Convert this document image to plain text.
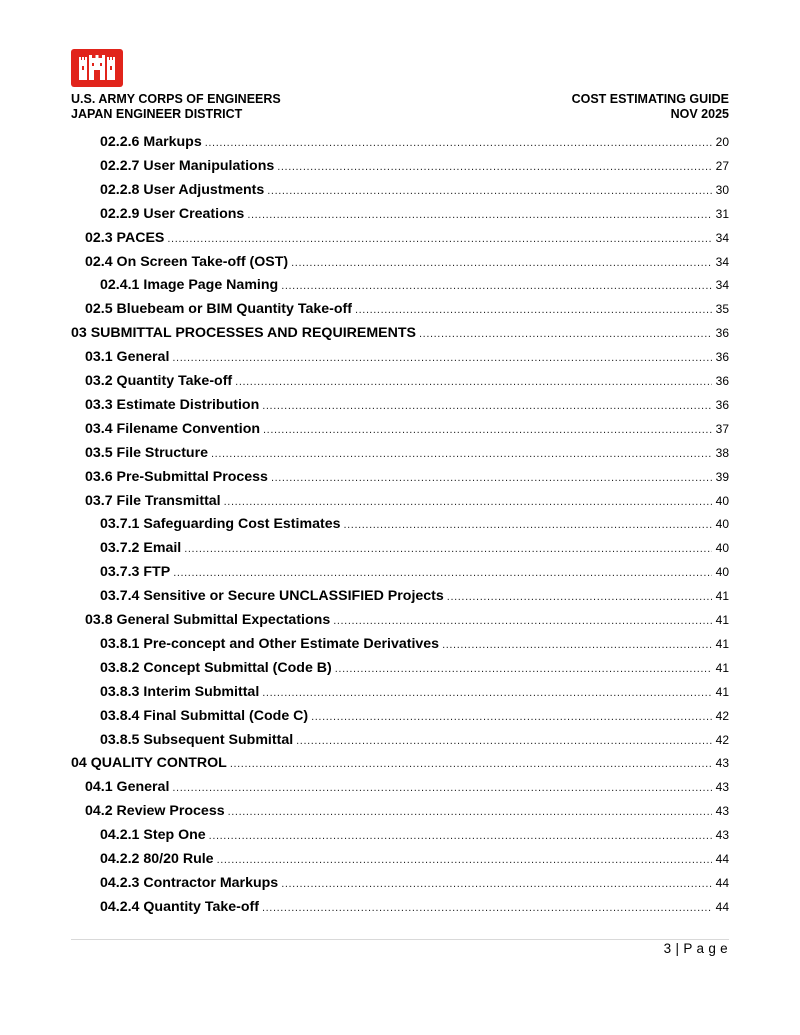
U.S. ARMY CORPS OF ENGINEERS
JAPAN ENGINEER DISTRICT
COST ESTIMATING GUIDE
NOV 2025
02.2.6 Markups .....	20
02.2.7 User Manipulations .....	27
02.2.8 User Adjustments .....	30
02.2.9 User Creations .....	31
02.3 PACES .....	34
02.4 On Screen Take-off (OST) .....	34
02.4.1 Image Page Naming .....	34
02.5 Bluebeam or BIM Quantity Take-off .....	35
03 SUBMITTAL PROCESSES AND REQUIREMENTS .....	36
03.1 General .....	36
03.2 Quantity Take-off .....	36
03.3 Estimate Distribution .....	36
03.4 Filename Convention .....	37
03.5 File Structure .....	38
03.6 Pre-Submittal Process .....	39
03.7 File Transmittal .....	40
03.7.1 Safeguarding Cost Estimates .....	40
03.7.2 Email .....	40
03.7.3 FTP .....	40
03.7.4 Sensitive or Secure UNCLASSIFIED Projects .....	41
03.8 General Submittal Expectations .....	41
03.8.1 Pre-concept and Other Estimate Derivatives .....	41
03.8.2 Concept Submittal (Code B) .....	41
03.8.3 Interim Submittal .....	41
03.8.4 Final Submittal (Code C) .....	42
03.8.5 Subsequent Submittal .....	42
04 QUALITY CONTROL .....	43
04.1 General .....	43
04.2 Review Process .....	43
04.2.1 Step One .....	43
04.2.2 80/20 Rule .....	44
04.2.3 Contractor Markups .....	44
04.2.4 Quantity Take-off .....	44
3 | P a g e
